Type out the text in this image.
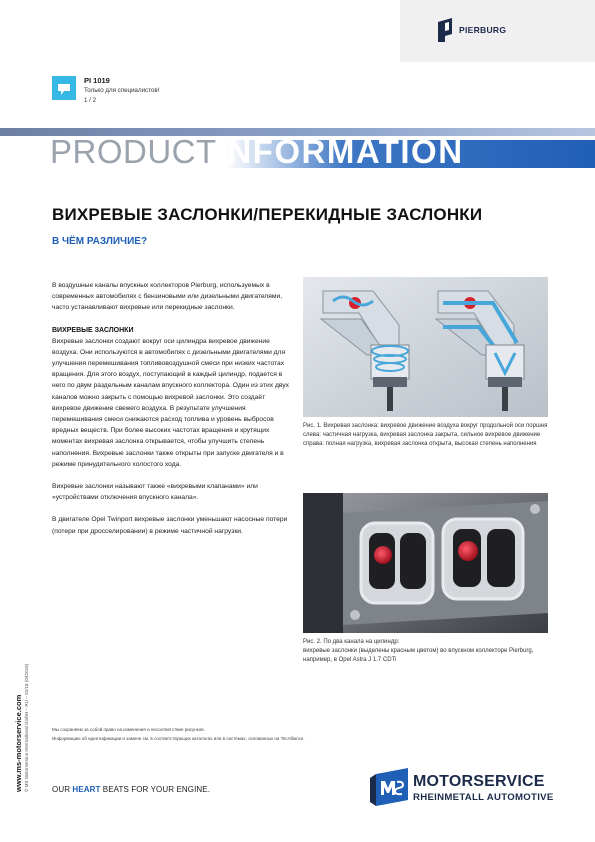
PIERBURG
PI 1019
Только для специалистов!
1 / 2
PRODUCTINFORMATION
ВИХРЕВЫЕ ЗАСЛОНКИ/ПЕРЕКИДНЫЕ ЗАСЛОНКИ
В ЧЁМ РАЗЛИЧИЕ?

В воздушные каналы впускных коллекторов Pierburg, используемых в современных автомобилях с бензиновыми или дизельными двигателями, часто устанавливают вихревые или перекидные заслонки.

ВИХРЕВЫЕ ЗАСЛОНКИ

Вихревые заслонки создают вокруг оси цилиндра вихревое движение воздуха. Они используются в автомобилях с дизельными двигателями для улучшения перемешивания топливовоздушной смеси при низких частотах вращения. Для этого воздух, поступающий в каждый цилиндр, подается в него по двум раздельным каналам впускного коллектора. Один из этих двух каналов можно закрыть с помощью вихревой заслонки. Это создаёт вихревое движение свежего воздуха. В результате улучшения перемешивания смеси снижаются расход топлива и уровень выбросов вредных веществ. При более высоких частотах вращения и крутящих моментах вихревая заслонка открывается, чтобы улучшить степень наполнения. Вихревые заслонки также открыты при запуске двигателя и в режиме принудительного холостого хода.

Вихревые заслонки называют также «вихревыми клапанами» или «устройствами отключения впускного канала».

В двигателе Opel Twinport вихревые заслонки уменьшают насосные потери (потери при дросселировании) в режиме частичной нагрузки.

Рис. 1. Вихревая заслонка: вихревое движение воздуха вокруг продольной оси поршня
слева: частичная нагрузка, вихревая заслонка закрыта, сильное вихревое движение
справа: полная нагрузка, вихревая заслонка открыта, высокая степень наполнения
Рис. 2. По два канала на цилиндр:
вихревые заслонки (выделены красным цветом) во впускном коллекторе Pierburg, например, в Opel Astra J 1.7 CDTi
www.ms-motorservice.com © MS Motorservice International GmbH – RU – 02/18 (042018)	Мы сохраняем за собой право на изменения и несоответствие рисунков.
Информацию об идентификации и замене см. в соответствующих каталогах или в системах, основанных на TecAlliance.
OUR HEART BEATS FOR YOUR ENGINE.	MOTORSERVICE
RHEINMETALL AUTOMOTIVE
